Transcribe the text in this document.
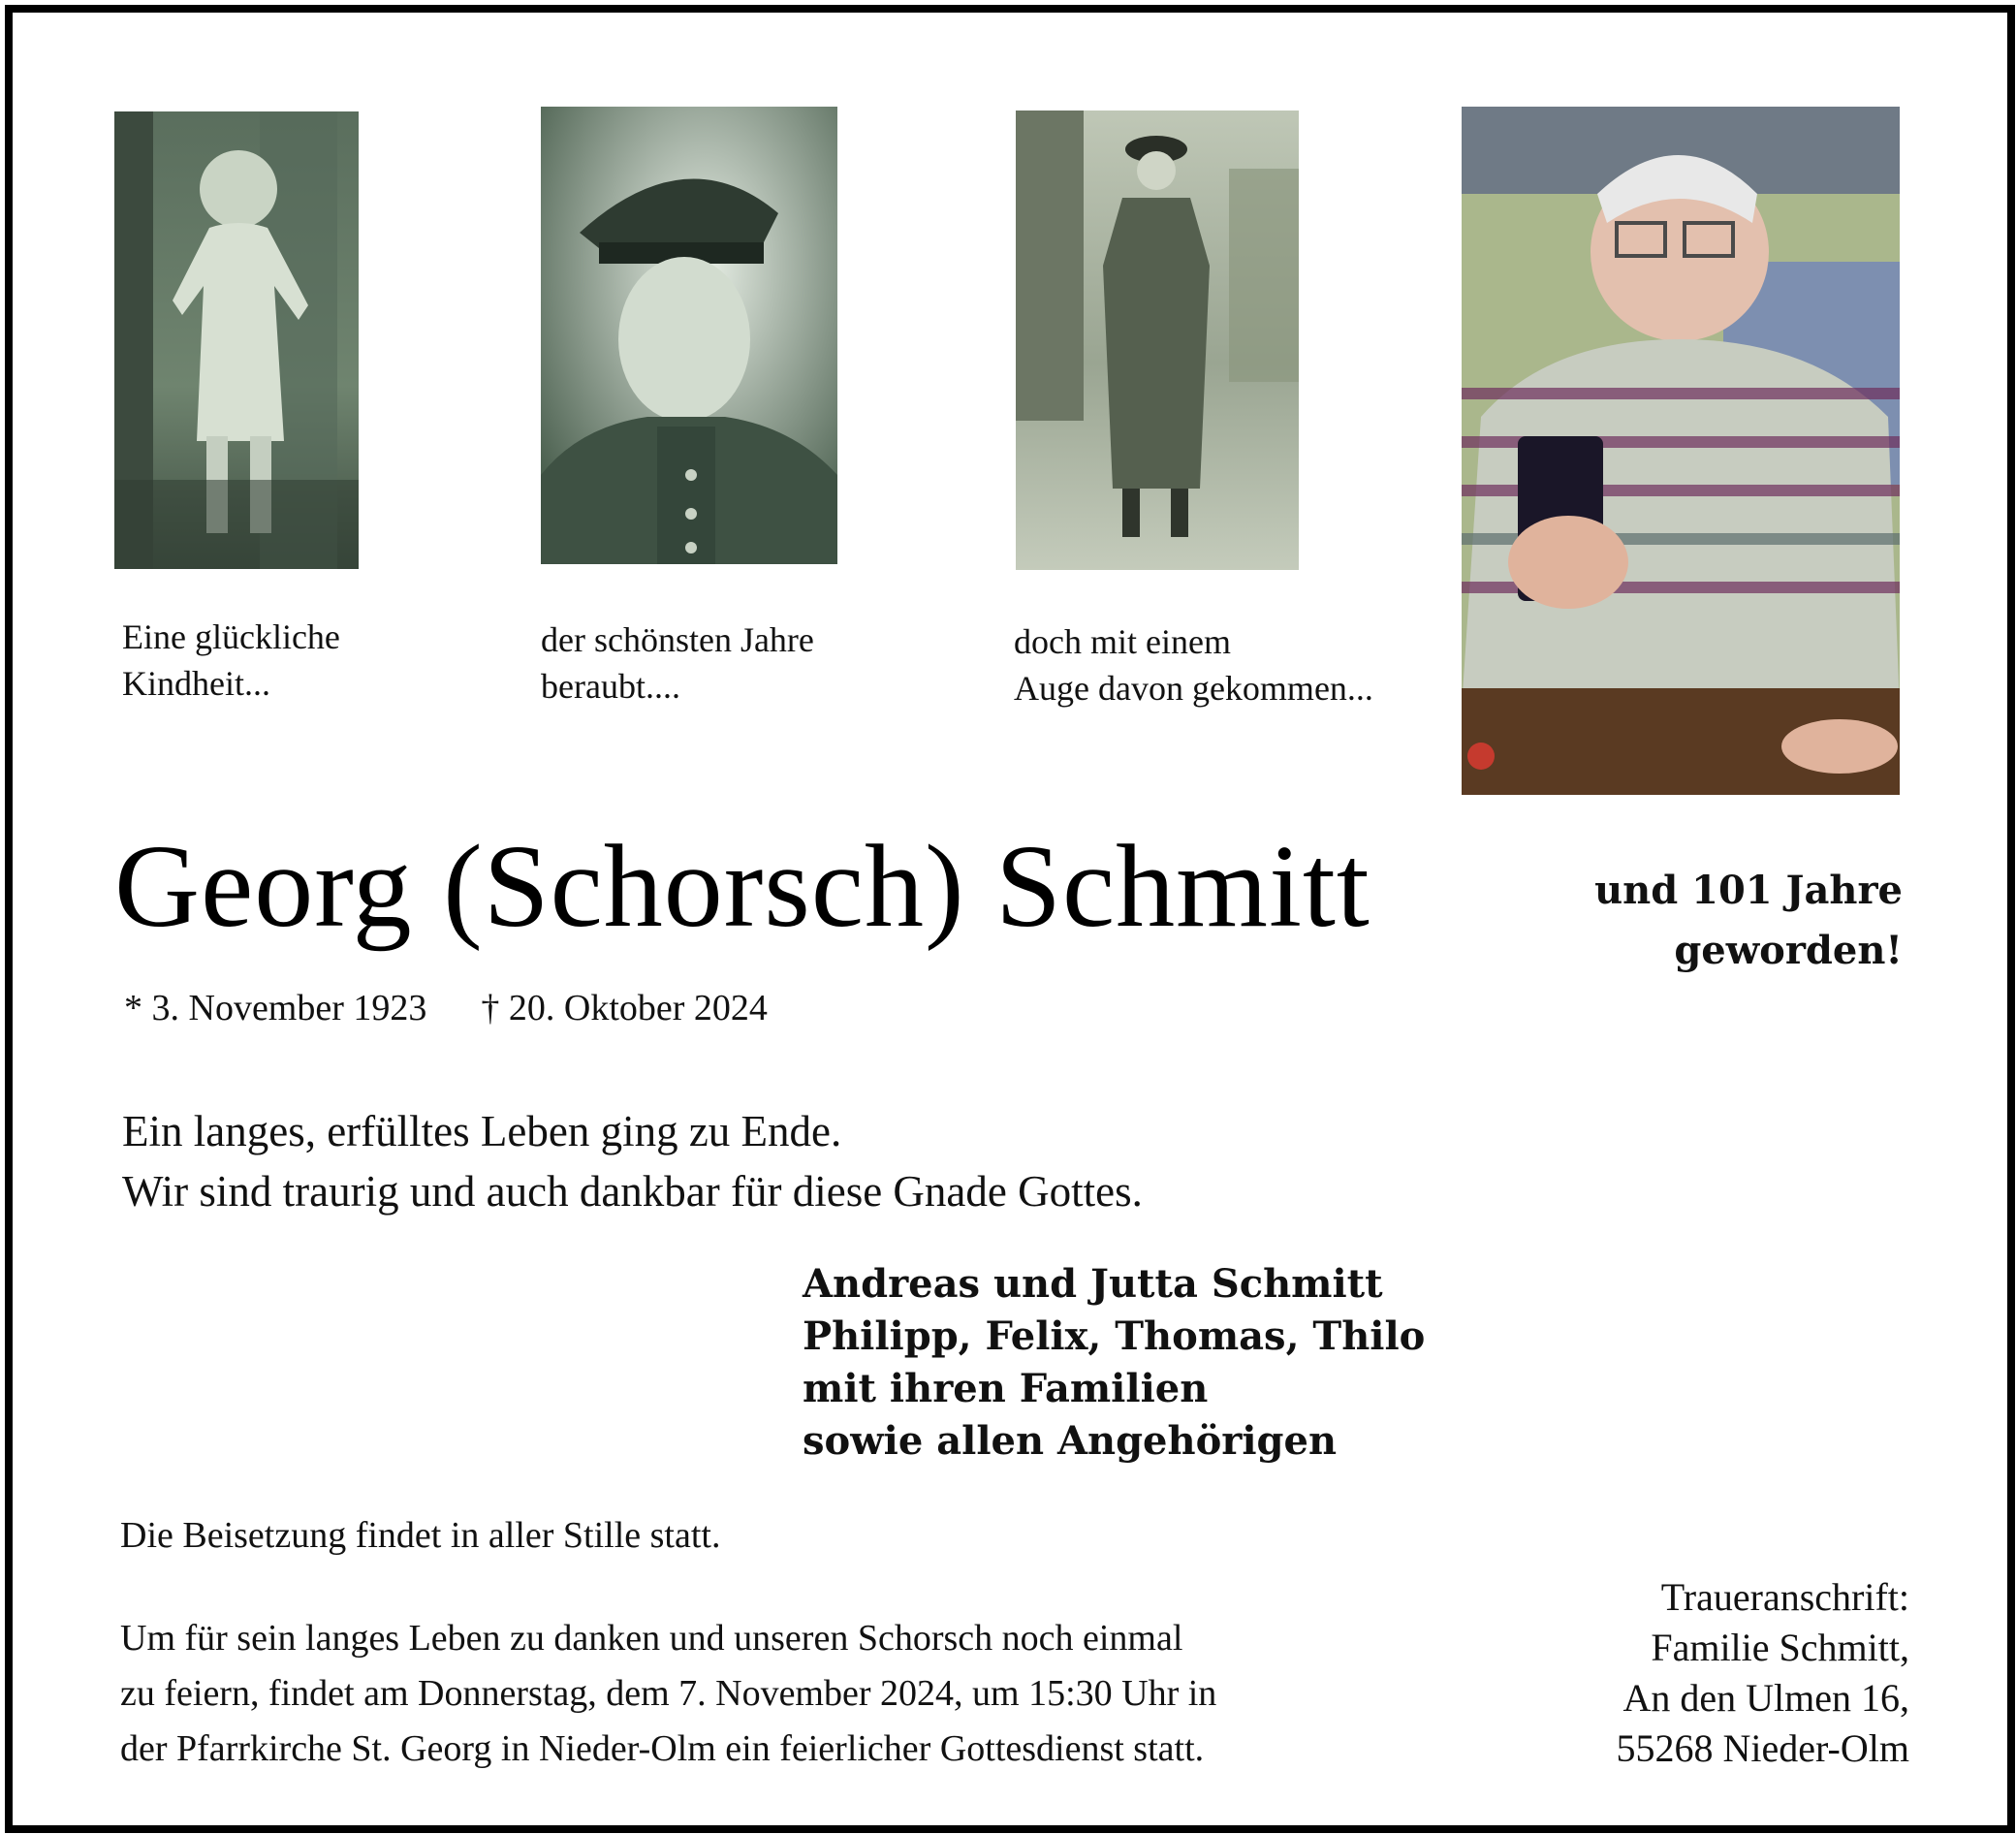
Eine glückliche
Kindheit...

der schönsten Jahre
beraubt....

doch mit einem
Auge davon gekommen...

Georg (Schorsch) Schmitt	und 101 Jahre
geworden!

* 3. November 1923 † 20. Oktober 2024

Ein langes, erfülltes Leben ging zu Ende.
Wir sind traurig und auch dankbar für diese Gnade Gottes.

Andreas und Jutta Schmitt
Philipp, Felix, Thomas, Thilo
mit ihren Familien
sowie allen Angehörigen

Die Beisetzung findet in aller Stille statt.

Um für sein langes Leben zu danken und unseren Schorsch noch einmal
zu feiern, findet am Donnerstag, dem 7. November 2024, um 15:30 Uhr in
der Pfarrkirche St. Georg in Nieder-Olm ein feierlicher Gottesdienst statt.

Traueranschrift:
Familie Schmitt,
An den Ulmen 16,
55268 Nieder-Olm
